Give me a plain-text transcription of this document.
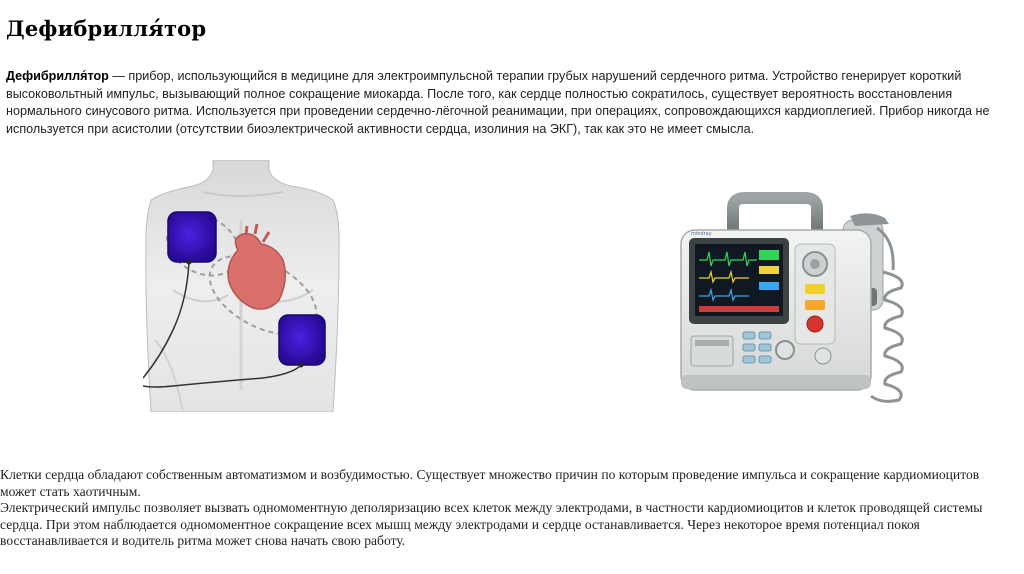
Дефибрилля́тор
Дефибрилля́тор — прибор, использующийся в медицине для электроимпульсной терапии грубых нарушений сердечного ритма. Устройство генерирует короткий высоковольтный импульс, вызывающий полное сокращение миокарда. После того, как сердце полностью сократилось, существует вероятность восстановления нормального синусового ритма. Используется при проведении сердечно-лёгочной реанимации, при операциях, сопровождающихся кардиоплегией. Прибор никогда не используется при асистолии (отсутствии биоэлектрической активности сердца, изолиния на ЭКГ), так как это не имеет смысла.
mindray

Клетки сердца обладают собственным автоматизмом и возбудимостью. Существует множество причин по которым проведение импульса и сокращение кардиомиоцитов может стать хаотичным.

Электрический импульс позволяет вызвать одномоментную деполяризацию всех клеток между электродами, в частности кардиомиоцитов и клеток проводящей системы сердца. При этом наблюдается одномоментное сокращение всех мышц между электродами и сердце останавливается. Через некоторое время потенциал покоя восстанавливается и водитель ритма может снова начать свою работу.
